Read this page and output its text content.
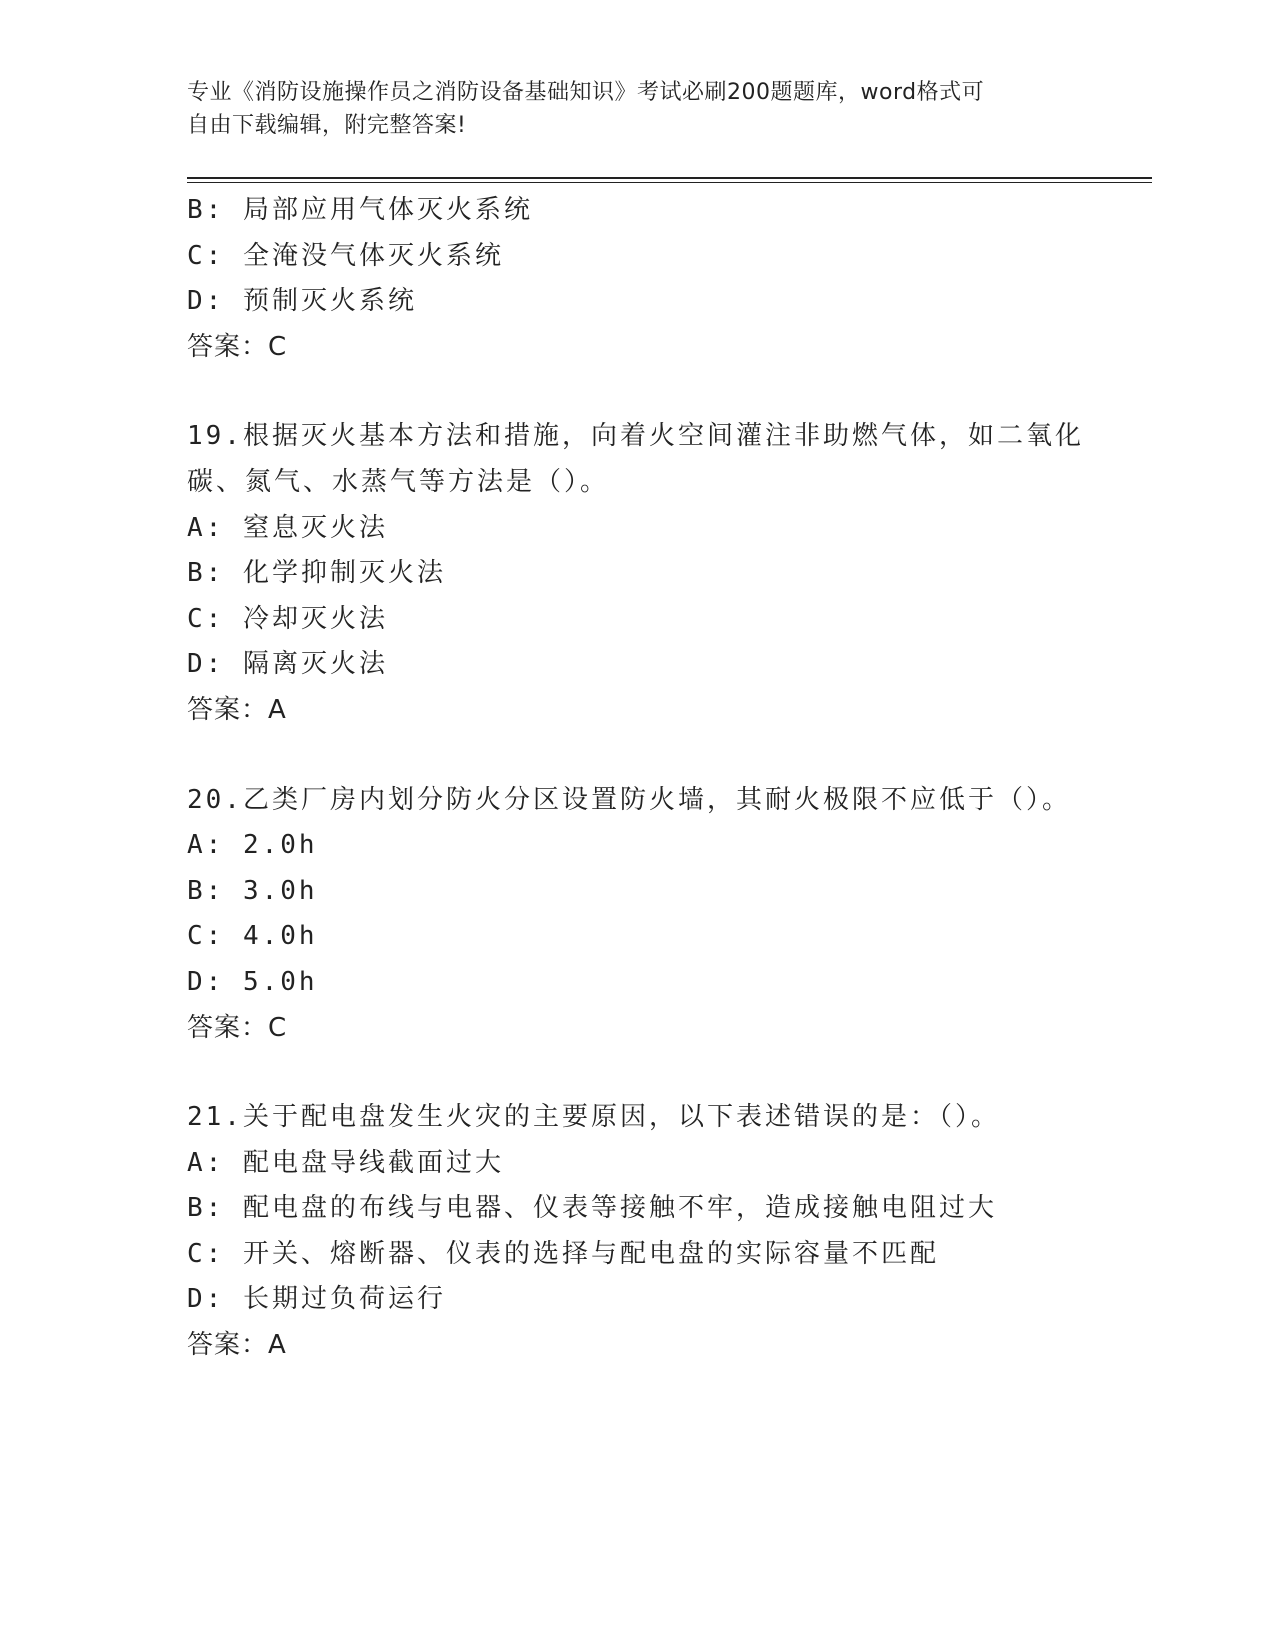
专业《消防设施操作员之消防设备基础知识》考试必刷200题题库，word格式可
自由下载编辑，附完整答案!
B: 局部应用气体灭火系统
C: 全淹没气体灭火系统
D: 预制灭火系统
答案：C
19.根据灭火基本方法和措施，向着火空间灌注非助燃气体，如二氧化
碳、氮气、水蒸气等方法是（）。
A: 窒息灭火法
B: 化学抑制灭火法
C: 冷却灭火法
D: 隔离灭火法
答案：A
20.乙类厂房内划分防火分区设置防火墙，其耐火极限不应低于（）。
A: 2.0h
B: 3.0h
C: 4.0h
D: 5.0h
答案：C
21.关于配电盘发生火灾的主要原因，以下表述错误的是：（）。
A: 配电盘导线截面过大
B: 配电盘的布线与电器、仪表等接触不牢，造成接触电阻过大
C: 开关、熔断器、仪表的选择与配电盘的实际容量不匹配
D: 长期过负荷运行
答案：A
